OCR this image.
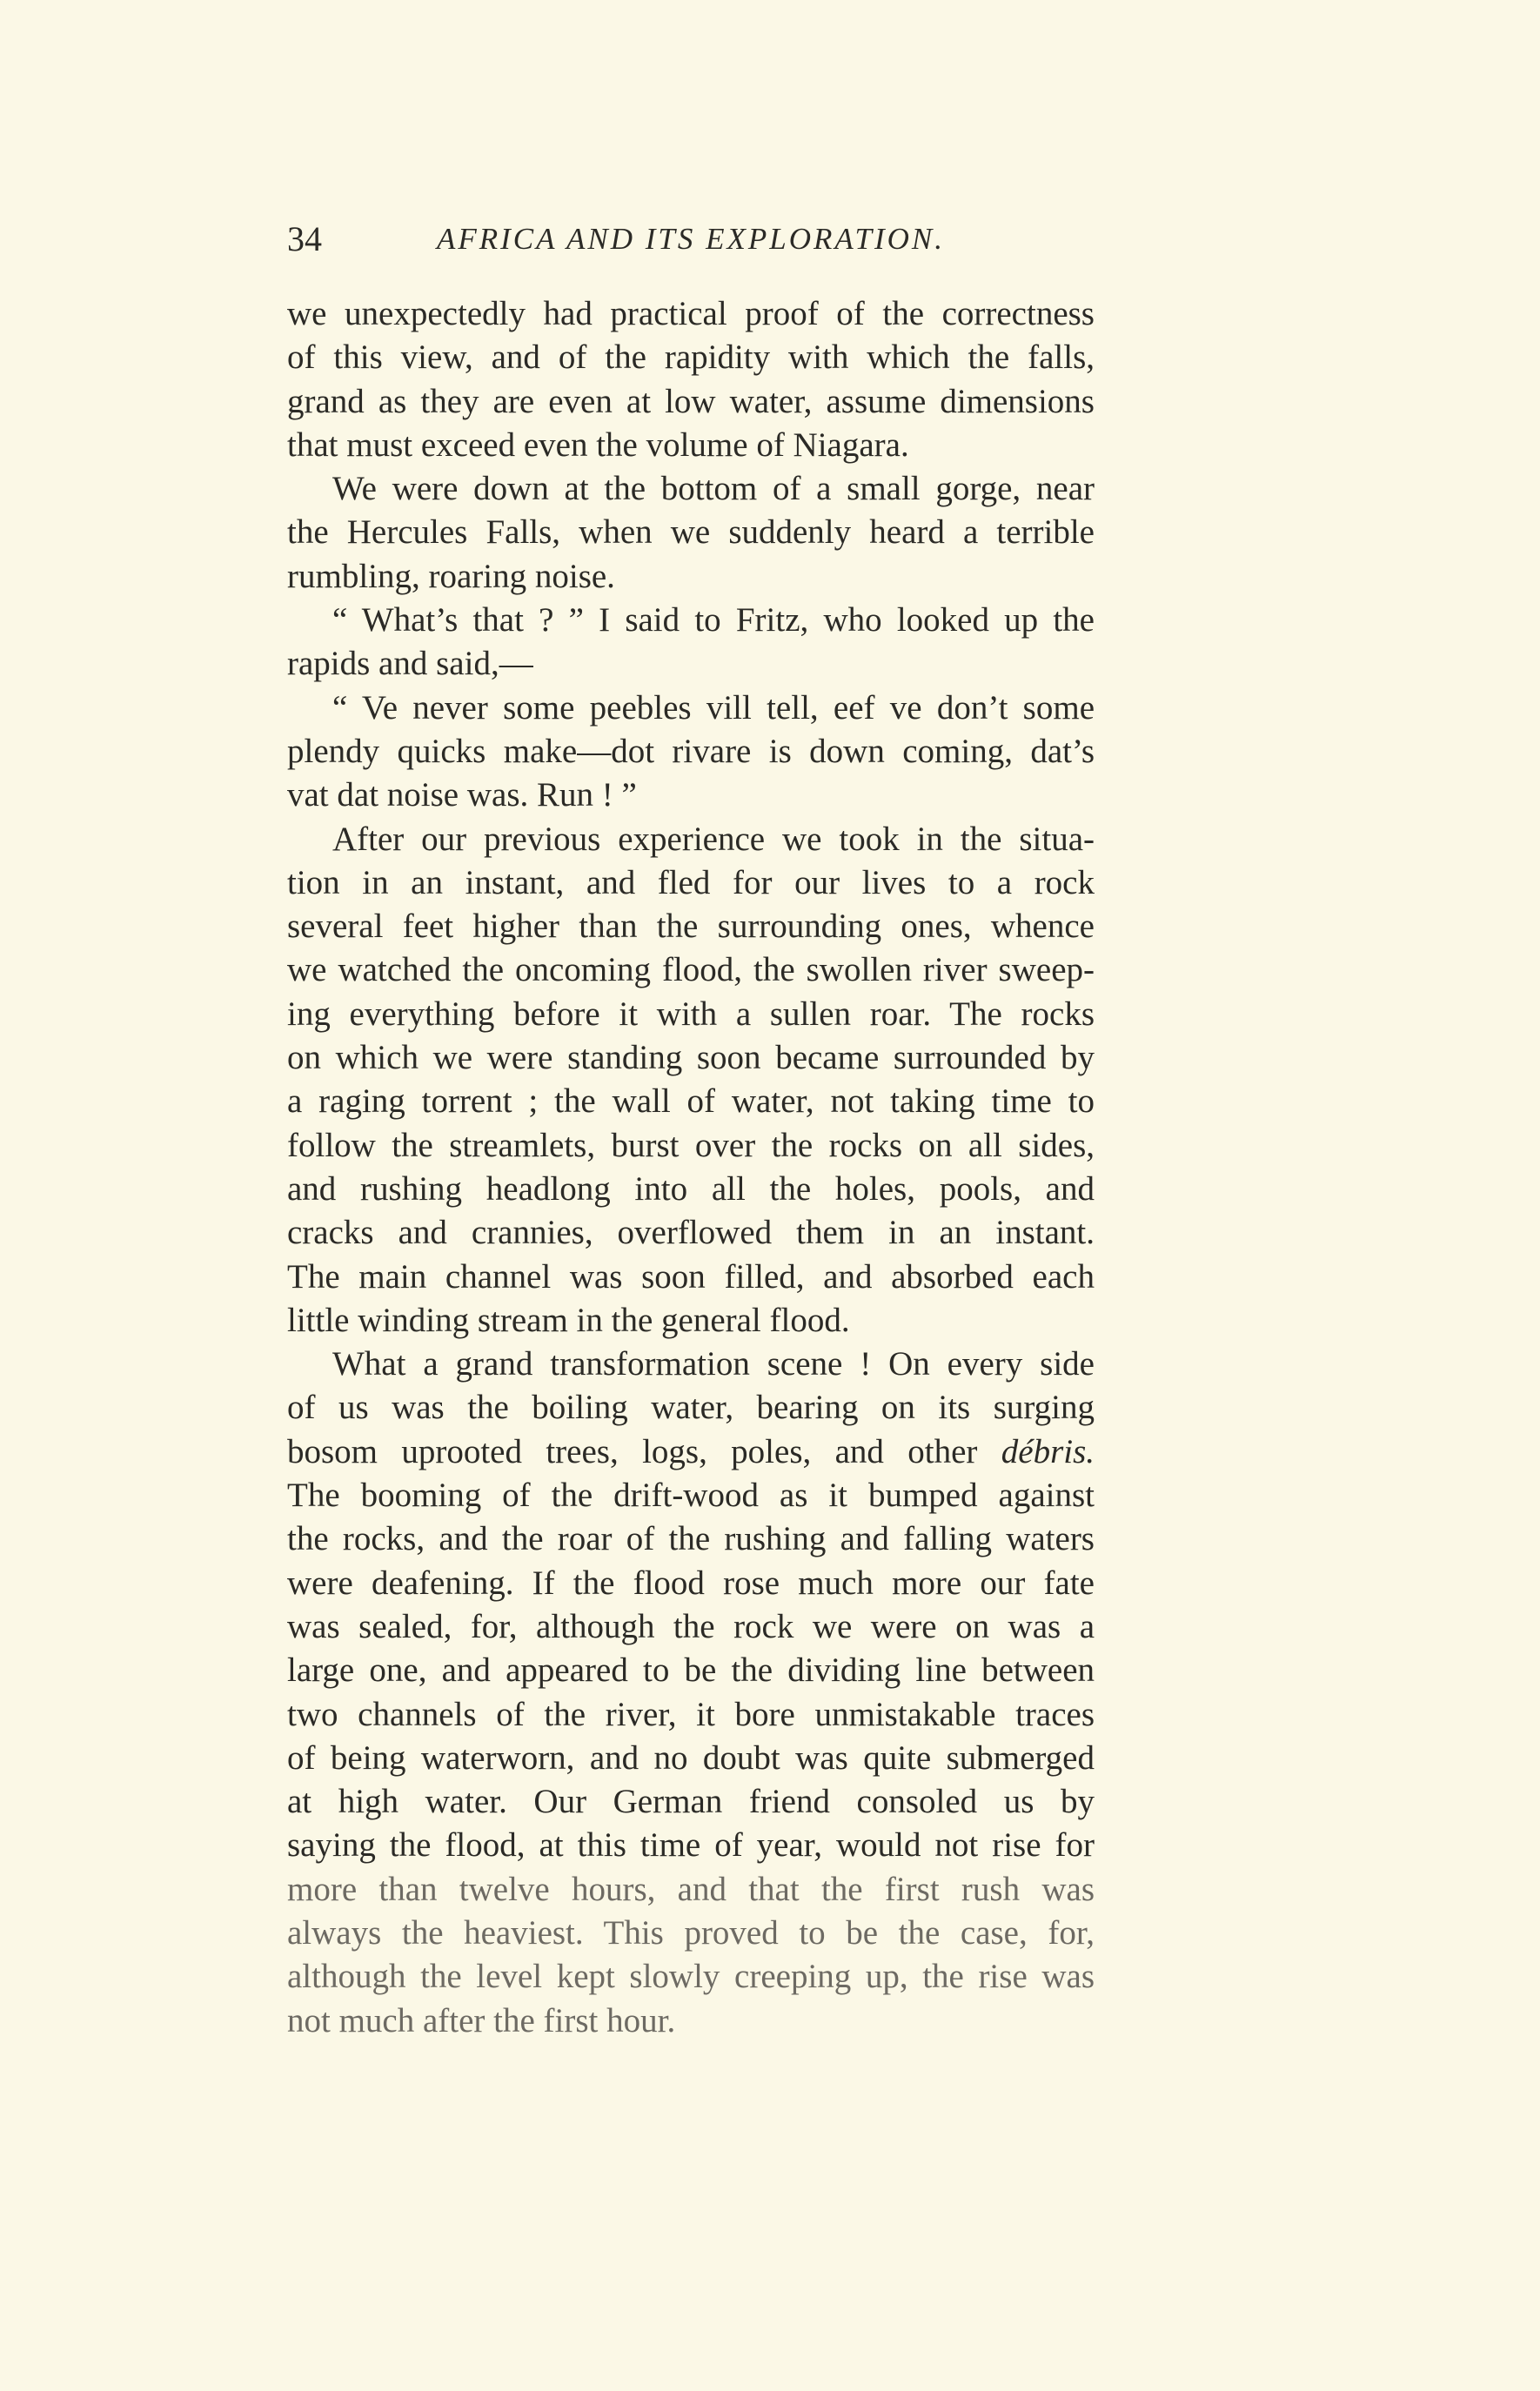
34	AFRICA AND ITS EXPLORATION.
we unexpectedly had practical proof of the correctness
of this view, and of the rapidity with which the falls,
grand as they are even at low water, assume dimensions
that must exceed even the volume of Niagara.
We were down at the bottom of a small gorge, near
the Hercules Falls, when we suddenly heard a terrible
rumbling, roaring noise.
“ What’s that ? ” I said to Fritz, who looked up the
rapids and said,—
“ Ve never some peebles vill tell, eef ve don’t some
plendy quicks make—dot rivare is down coming, dat’s
vat dat noise was. Run ! ”
After our previous experience we took in the situa-
tion in an instant, and fled for our lives to a rock
several feet higher than the surrounding ones, whence
we watched the oncoming flood, the swollen river sweep-
ing everything before it with a sullen roar. The rocks
on which we were standing soon became surrounded by
a raging torrent ; the wall of water, not taking time to
follow the streamlets, burst over the rocks on all sides,
and rushing headlong into all the holes, pools, and
cracks and crannies, overflowed them in an instant.
The main channel was soon filled, and absorbed each
little winding stream in the general flood.
What a grand transformation scene ! On every side
of us was the boiling water, bearing on its surging
bosom uprooted trees, logs, poles, and other débris.
The booming of the drift-wood as it bumped against
the rocks, and the roar of the rushing and falling waters
were deafening. If the flood rose much more our fate
was sealed, for, although the rock we were on was a
large one, and appeared to be the dividing line between
two channels of the river, it bore unmistakable traces
of being waterworn, and no doubt was quite submerged
at high water. Our German friend consoled us by
saying the flood, at this time of year, would not rise for
more than twelve hours, and that the first rush was
always the heaviest. This proved to be the case, for,
although the level kept slowly creeping up, the rise was
not much after the first hour.
